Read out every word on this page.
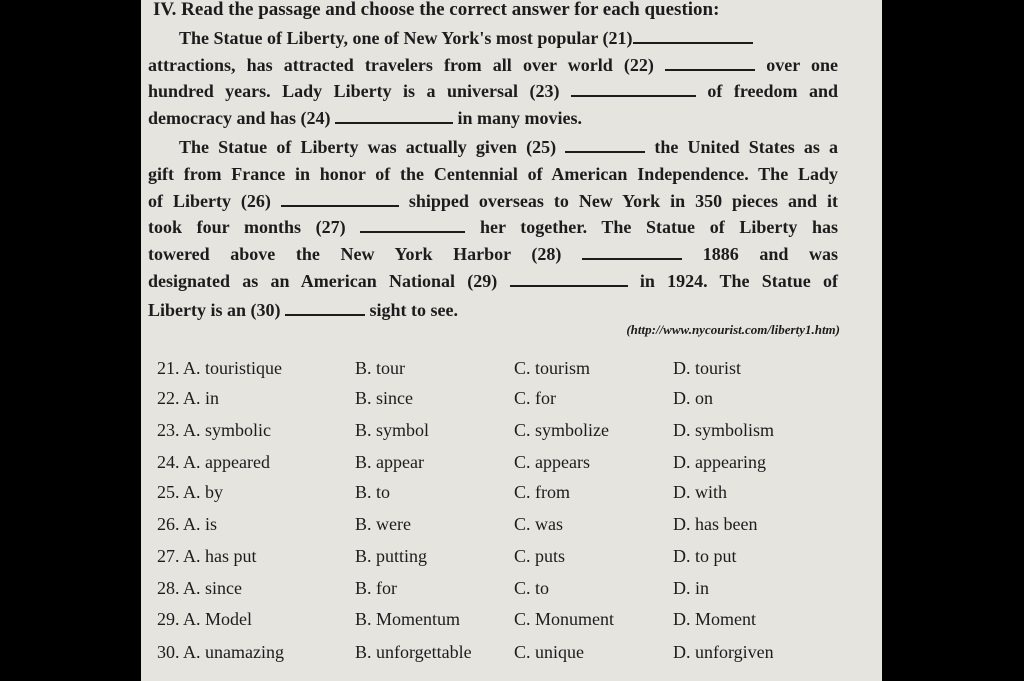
IV. Read the passage and choose the correct answer for each question:
The Statue of Liberty, one of New York's most popular (21)
attractions, has attracted travelers from all over world (22)	over one
hundred years. Lady Liberty is a universal (23)	of freedom and
democracy and has (24)	in many movies.
The Statue of Liberty was actually given (25)	the United States as a
gift from France in honor of the Centennial of American Independence. The Lady
of Liberty (26)	shipped overseas to New York in 350 pieces and it
took four months (27)	her together. The Statue of Liberty has
towered above the New York Harbor (28)	1886 and was
designated as an American National (29)	in 1924. The Statue of
Liberty is an (30)	sight to see.
(http://www.nycourist.com/liberty1.htm)
21. A. touristique	B. tour	C. tourism	D. tourist
22. A. in	B. since	C. for	D. on
23. A. symbolic	B. symbol	C. symbolize	D. symbolism
24. A. appeared	B. appear	C. appears	D. appearing
25. A. by	B. to	C. from	D. with
26. A. is	B. were	C. was	D. has been
27. A. has put	B. putting	C. puts	D. to put
28. A. since	B. for	C. to	D. in
29. A. Model	B. Momentum	C. Monument	D. Moment
30. A. unamazing	B. unforgettable C. unique	D. unforgiven
